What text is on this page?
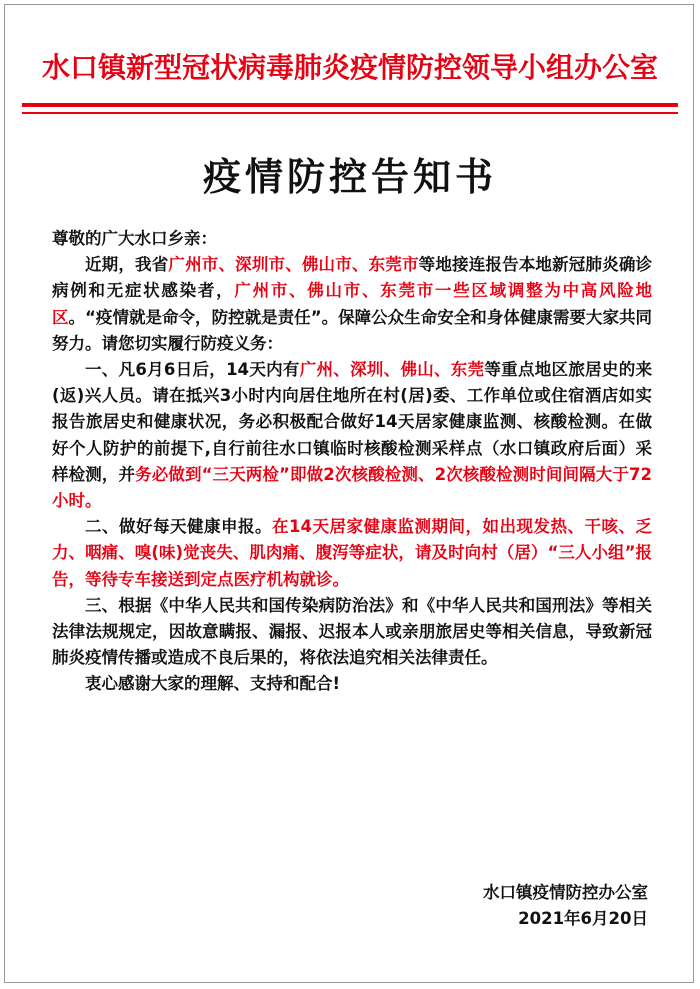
水口镇新型冠状病毒肺炎疫情防控领导小组办公室
疫情防控告知书

尊敬的广大水口乡亲：

近期，我省广州市、深圳市、佛山市、东莞市等地接连报告本地新冠肺炎确诊病例和无症状感染者，广州市、佛山市、东莞市一些区域调整为中高风险地区。“疫情就是命令，防控就是责任”。保障公众生命安全和身体健康需要大家共同努力。请您切实履行防疫义务：

一、凡6月6日后，14天内有广州、深圳、佛山、东莞等重点地区旅居史的来(返)兴人员。请在抵兴3小时内向居住地所在村(居)委、工作单位或住宿酒店如实报告旅居史和健康状况，务必积极配合做好14天居家健康监测、核酸检测。在做好个人防护的前提下,自行前往水口镇临时核酸检测采样点（水口镇政府后面）采样检测，并务必做到“三天两检”即做2次核酸检测、2次核酸检测时间间隔大于72小时。

二、做好每天健康申报。在14天居家健康监测期间，如出现发热、干咳、乏力、咽痛、嗅(味)觉丧失、肌肉痛、腹泻等症状，请及时向村（居）“三人小组”报告，等待专车接送到定点医疗机构就诊。

三、根据《中华人民共和国传染病防治法》和《中华人民共和国刑法》等相关法律法规规定，因故意瞒报、漏报、迟报本人或亲朋旅居史等相关信息，导致新冠肺炎疫情传播或造成不良后果的，将依法追究相关法律责任。

衷心感谢大家的理解、支持和配合!

水口镇疫情防控办公室
2021年6月20日
